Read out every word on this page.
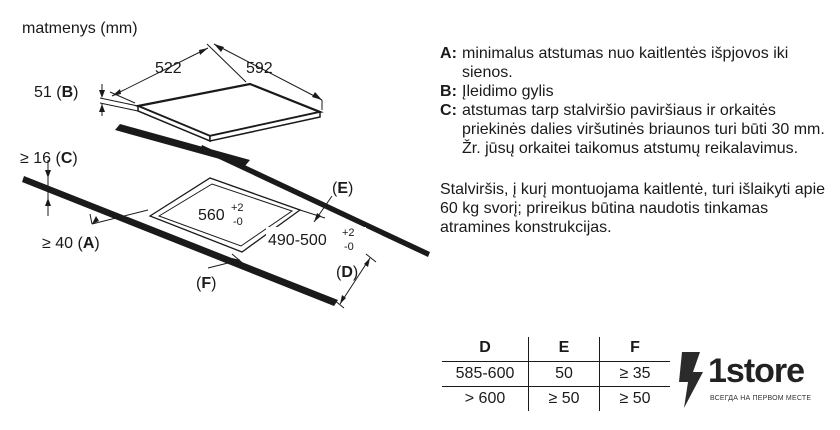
matmenys (mm)
522	592
51 (B)
≥ 16 (C)
≥ 40 (A)
560 +2
-0
490-500 +2
-0
(E)
(D)
(F)
A: minimalus atstumas nuo kaitlentės išpjovos iki sienos.
B: Įleidimo gylis
C: atstumas tarp stalviršio paviršiaus ir orkaitės priekinės dalies viršutinės briaunos turi būti 30 mm. Žr. jūsų orkaitei taikomus atstumų reikalavimus.
Stalviršis, į kurį montuojama kaitlentė, turi išlaikyti apie 60 kg svorį; prireikus būtina naudotis tinkamas atramines konstrukcijas.
D	E	F
585-600	50	≥ 35
> 600	≥ 50	≥ 50
1store
ВСЕГДА НА ПЕРВОМ МЕСТЕ
